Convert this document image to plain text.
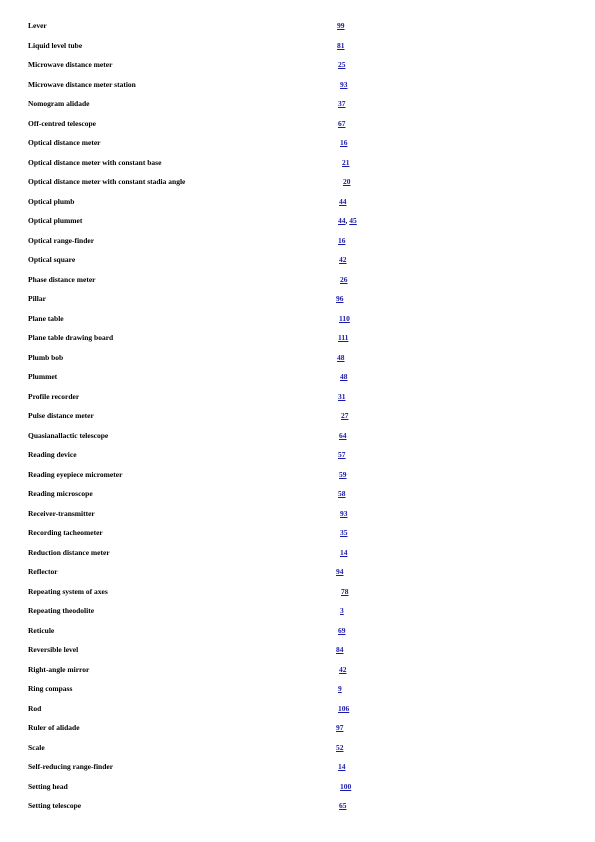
Lever	99
Liquid level tube	81
Microwave distance meter	25
Microwave distance meter station	93
Nomogram alidade	37
Off-centred telescope	67
Optical distance meter	16
Optical distance meter with constant base	21
Optical distance meter with constant stadia angle	20
Optical plumb	44
Optical plummet	44, 45
Optical range-finder	16
Optical square	42
Phase distance meter	26
Pillar	96
Plane table	110
Plane table drawing board	111
Plumb bob	48
Plummet	48
Profile recorder	31
Pulse distance meter	27
Quasianallactic telescope	64
Reading device	57
Reading eyepiece micrometer	59
Reading microscope	58
Receiver-transmitter	93
Recording tacheometer	35
Reduction distance meter	14
Reflector	94
Repeating system of axes	78
Repeating theodolite	3
Reticule	69
Reversible level	84
Right-angle mirror	42
Ring compass	9
Rod	106
Ruler of alidade	97
Scale	52
Self-reducing range-finder	14
Setting head	100
Setting telescope	65
